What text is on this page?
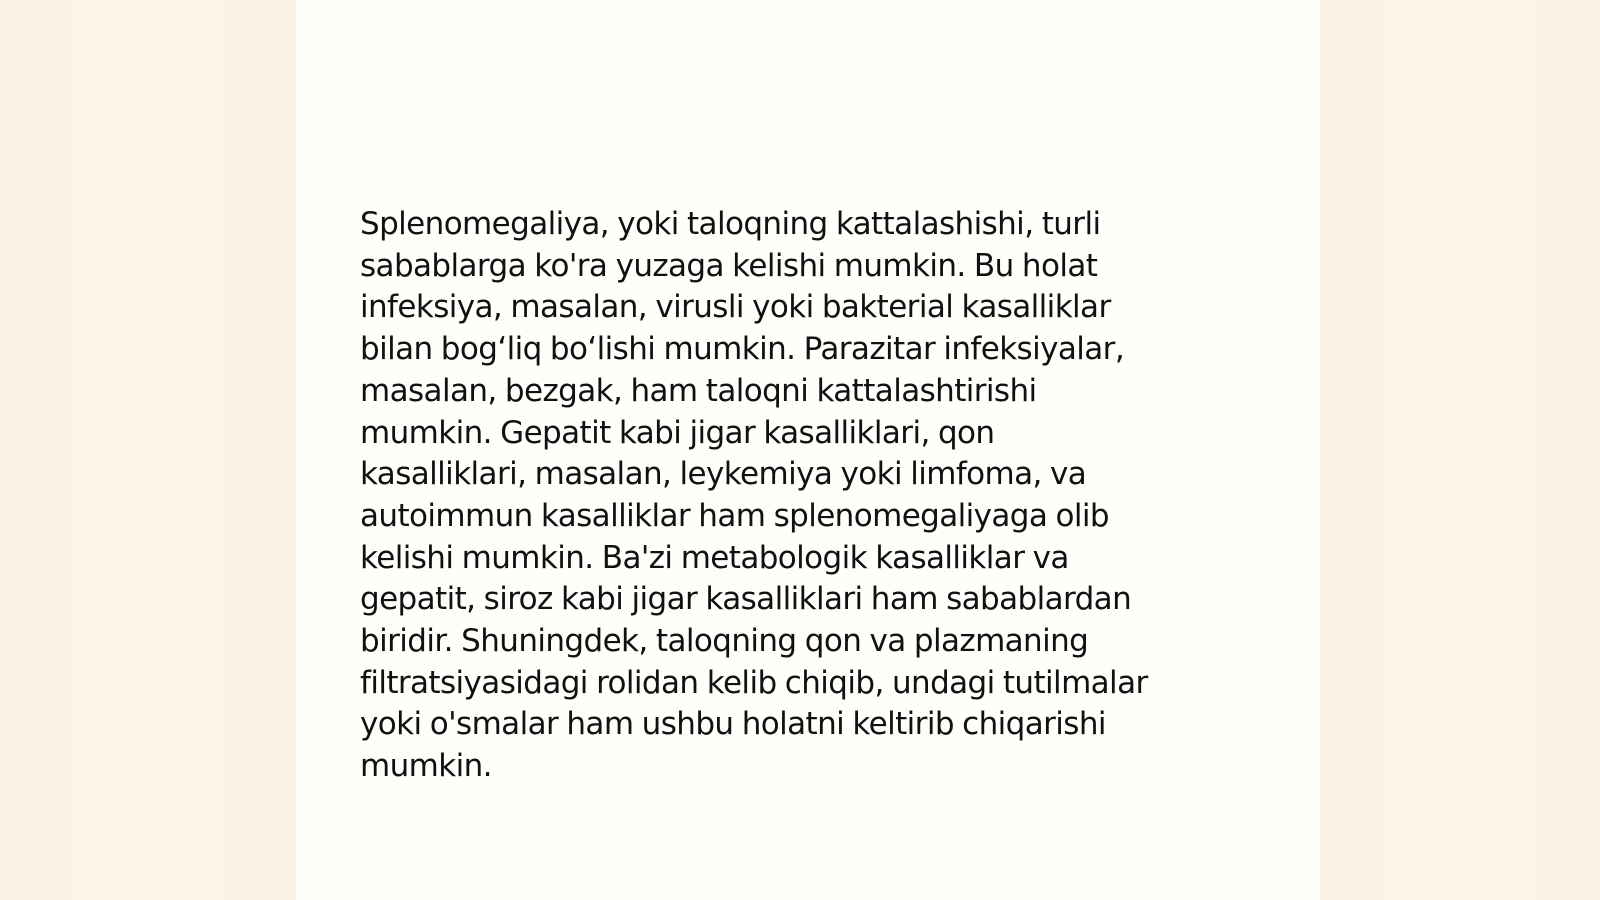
Splenomegaliya, yoki taloqning kattalashishi, turli
sabablarga ko'ra yuzaga kelishi mumkin. Bu holat
infeksiya, masalan, virusli yoki bakterial kasalliklar
bilan bog‘liq bo‘lishi mumkin. Parazitar infeksiyalar,
masalan, bezgak, ham taloqni kattalashtirishi
mumkin. Gepatit kabi jigar kasalliklari, qon
kasalliklari, masalan, leykemiya yoki limfoma, va
autoimmun kasalliklar ham splenomegaliyaga olib
kelishi mumkin. Ba'zi metabologik kasalliklar va
gepatit, siroz kabi jigar kasalliklari ham sabablardan
biridir. Shuningdek, taloqning qon va plazmaning
filtratsiyasidagi rolidan kelib chiqib, undagi tutilmalar
yoki o'smalar ham ushbu holatni keltirib chiqarishi
mumkin.
